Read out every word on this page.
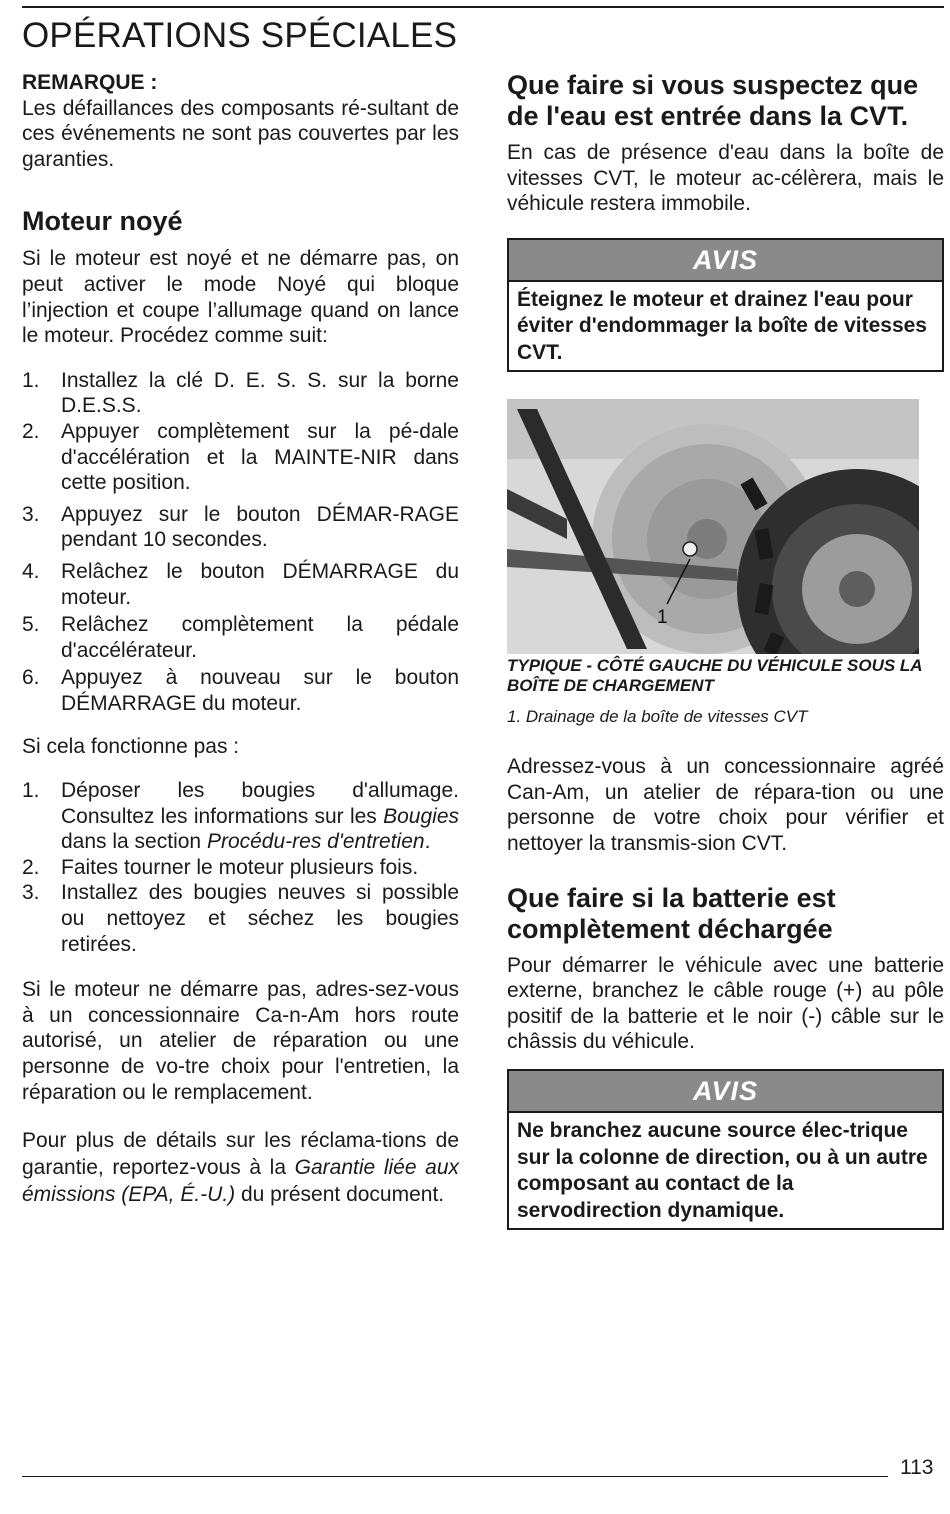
OPÉRATIONS SPÉCIALES
REMARQUE :

Les défaillances des composants ré-sultant de ces événements ne sont pas couvertes par les garanties.

Moteur noyé

Si le moteur est noyé et ne démarre pas, on peut activer le mode Noyé qui bloque l’injection et coupe l’allumage quand on lance le moteur. Procédez comme suit:

1. Installez la clé D. E. S. S. sur la borne D.E.S.S.
2. Appuyer complètement sur la pé-dale d'accélération et la MAINTE-NIR dans cette position.
3. Appuyez sur le bouton DÉMAR-RAGE pendant 10 secondes.
4. Relâchez le bouton DÉMARRAGE du moteur.
5. Relâchez complètement la pédale d'accélérateur.
6. Appuyez à nouveau sur le bouton DÉMARRAGE du moteur.

Si cela fonctionne pas :

1. Déposer les bougies d'allumage. Consultez les informations sur les Bougies dans la section Procédu-res d'entretien.
2. Faites tourner le moteur plusieurs fois.
3. Installez des bougies neuves si possible ou nettoyez et séchez les bougies retirées.

Si le moteur ne démarre pas, adres-sez-vous à un concessionnaire Ca-n-Am hors route autorisé, un atelier de réparation ou une personne de vo-tre choix pour l'entretien, la réparation ou le remplacement.

Pour plus de détails sur les réclama-tions de garantie, reportez-vous à la Garantie liée aux émissions (EPA, É.-U.) du présent document.

Que faire si vous suspectez que de l'eau est entrée dans la CVT.

En cas de présence d'eau dans la boîte de vitesses CVT, le moteur ac-célèrera, mais le véhicule restera immobile.

AVIS
Éteignez le moteur et drainez l'eau pour éviter d'endommager la boîte de vitesses CVT.
1

TYPIQUE - CÔTÉ GAUCHE DU VÉHICULE SOUS LA BOÎTE DE CHARGEMENT

1. Drainage de la boîte de vitesses CVT

Adressez-vous à un concessionnaire agréé Can-Am, un atelier de répara-tion ou une personne de votre choix pour vérifier et nettoyer la transmis-sion CVT.

Que faire si la batterie est complètement déchargée

Pour démarrer le véhicule avec une batterie externe, branchez le câble rouge (+) au pôle positif de la batterie et le noir (-) câble sur le châssis du véhicule.

AVIS
Ne branchez aucune source élec-trique sur la colonne de direction, ou à un autre composant au contact de la servodirection dynamique.
113
